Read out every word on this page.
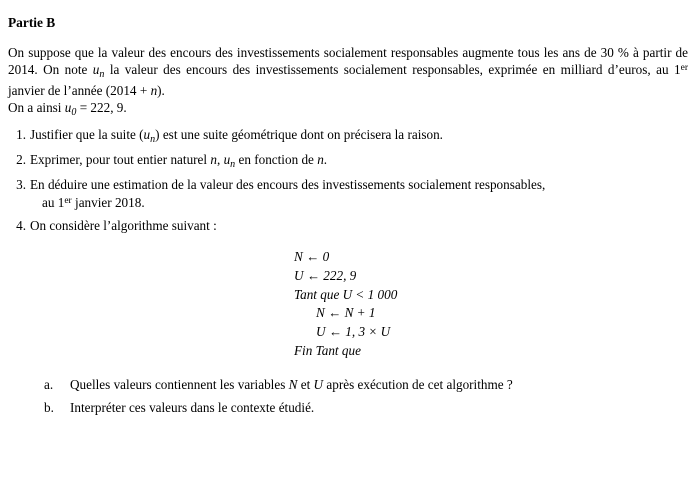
Partie B
On suppose que la valeur des encours des investissements socialement responsables augmente tous les ans de 30 % à partir de 2014. On note $u_n$ la valeur des encours des investissements socialement responsables, exprimée en milliard d’euros, au 1er janvier de l’année (2014 + n).
On a ainsi $u_0 = 222$, 9.
1. Justifier que la suite $(u_n)$ est une suite géométrique dont on précisera la raison.
2. Exprimer, pour tout entier naturel n, $u_n$ en fonction de n.
3. En déduire une estimation de la valeur des encours des investissements socialement responsables,
au 1er janvier 2018.
4. On considère l’algorithme suivant :
N ← 0
U ← 222, 9
Tant que U < 1 000
N ← N + 1
U ← 1, 3 × U
Fin Tant que
a.	Quelles valeurs contiennent les variables N et U après exécution de cet algorithme ?
b.	Interpréter ces valeurs dans le contexte étudié.
